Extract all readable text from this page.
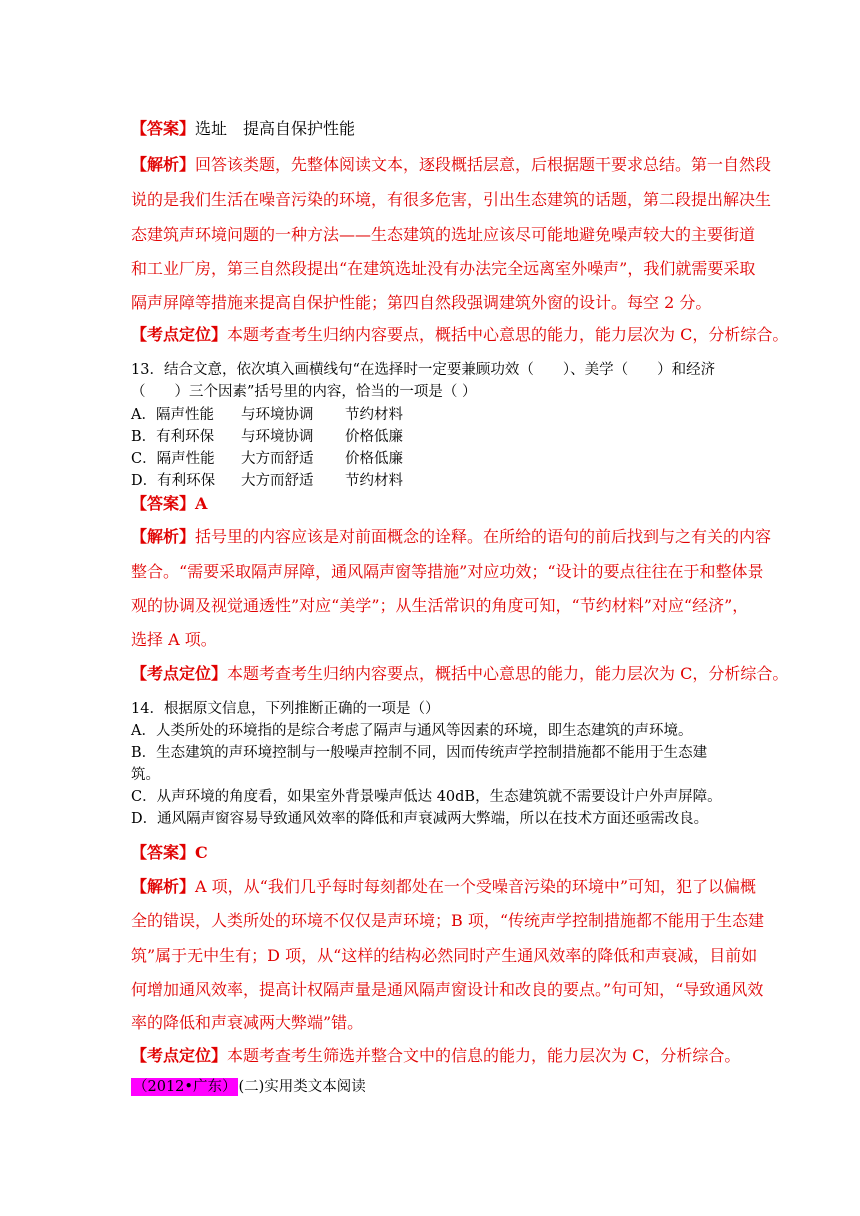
【答案】选址　提高自保护性能
【解析】回答该类题，先整体阅读文本，逐段概括层意，后根据题干要求总结。第一自然段
说的是我们生活在噪音污染的环境，有很多危害，引出生态建筑的话题，第二段提出解决生
态建筑声环境问题的一种方法——生态建筑的选址应该尽可能地避免噪声较大的主要街道
和工业厂房，第三自然段提出“在建筑选址没有办法完全远离室外噪声”，我们就需要采取
隔声屏障等措施来提高自保护性能；第四自然段强调建筑外窗的设计。每空 2 分。
【考点定位】本题考查考生归纳内容要点，概括中心意思的能力，能力层次为 C，分析综合。
13．结合文意，依次填入画横线句“在选择时一定要兼顾功效（　　）、美学（　　）和经济
（　　）三个因素”括号里的内容，恰当的一项是（ ）
A．隔声性能 与环境协调 节约材料
B．有利环保 与环境协调 价格低廉
C．隔声性能 大方而舒适 价格低廉
D．有利环保 大方而舒适 节约材料
【答案】A
【解析】括号里的内容应该是对前面概念的诠释。在所给的语句的前后找到与之有关的内容
整合。“需要采取隔声屏障，通风隔声窗等措施”对应功效；“设计的要点往往在于和整体景
观的协调及视觉通透性”对应“美学”；从生活常识的角度可知，“节约材料”对应“经济”，
选择 A 项。
【考点定位】本题考查考生归纳内容要点，概括中心意思的能力，能力层次为 C，分析综合。
14．根据原文信息，下列推断正确的一项是（）
A．人类所处的环境指的是综合考虑了隔声与通风等因素的环境，即生态建筑的声环境。
B．生态建筑的声环境控制与一般噪声控制不同，因而传统声学控制措施都不能用于生态建
筑。
C．从声环境的角度看，如果室外背景噪声低达 40dB，生态建筑就不需要设计户外声屏障。
D．通风隔声窗容易导致通风效率的降低和声衰减两大弊端，所以在技术方面还亟需改良。
【答案】C
【解析】A 项，从“我们几乎每时每刻都处在一个受噪音污染的环境中”可知，犯了以偏概
全的错误，人类所处的环境不仅仅是声环境；B 项，“传统声学控制措施都不能用于生态建
筑”属于无中生有；D 项，从“这样的结构必然同时产生通风效率的降低和声衰减，目前如
何增加通风效率，提高计权隔声量是通风隔声窗设计和改良的要点。”句可知，“导致通风效
率的降低和声衰减两大弊端”错。
【考点定位】本题考查考生筛选并整合文中的信息的能力，能力层次为 C，分析综合。
（2012•广东） (二)实用类文本阅读
